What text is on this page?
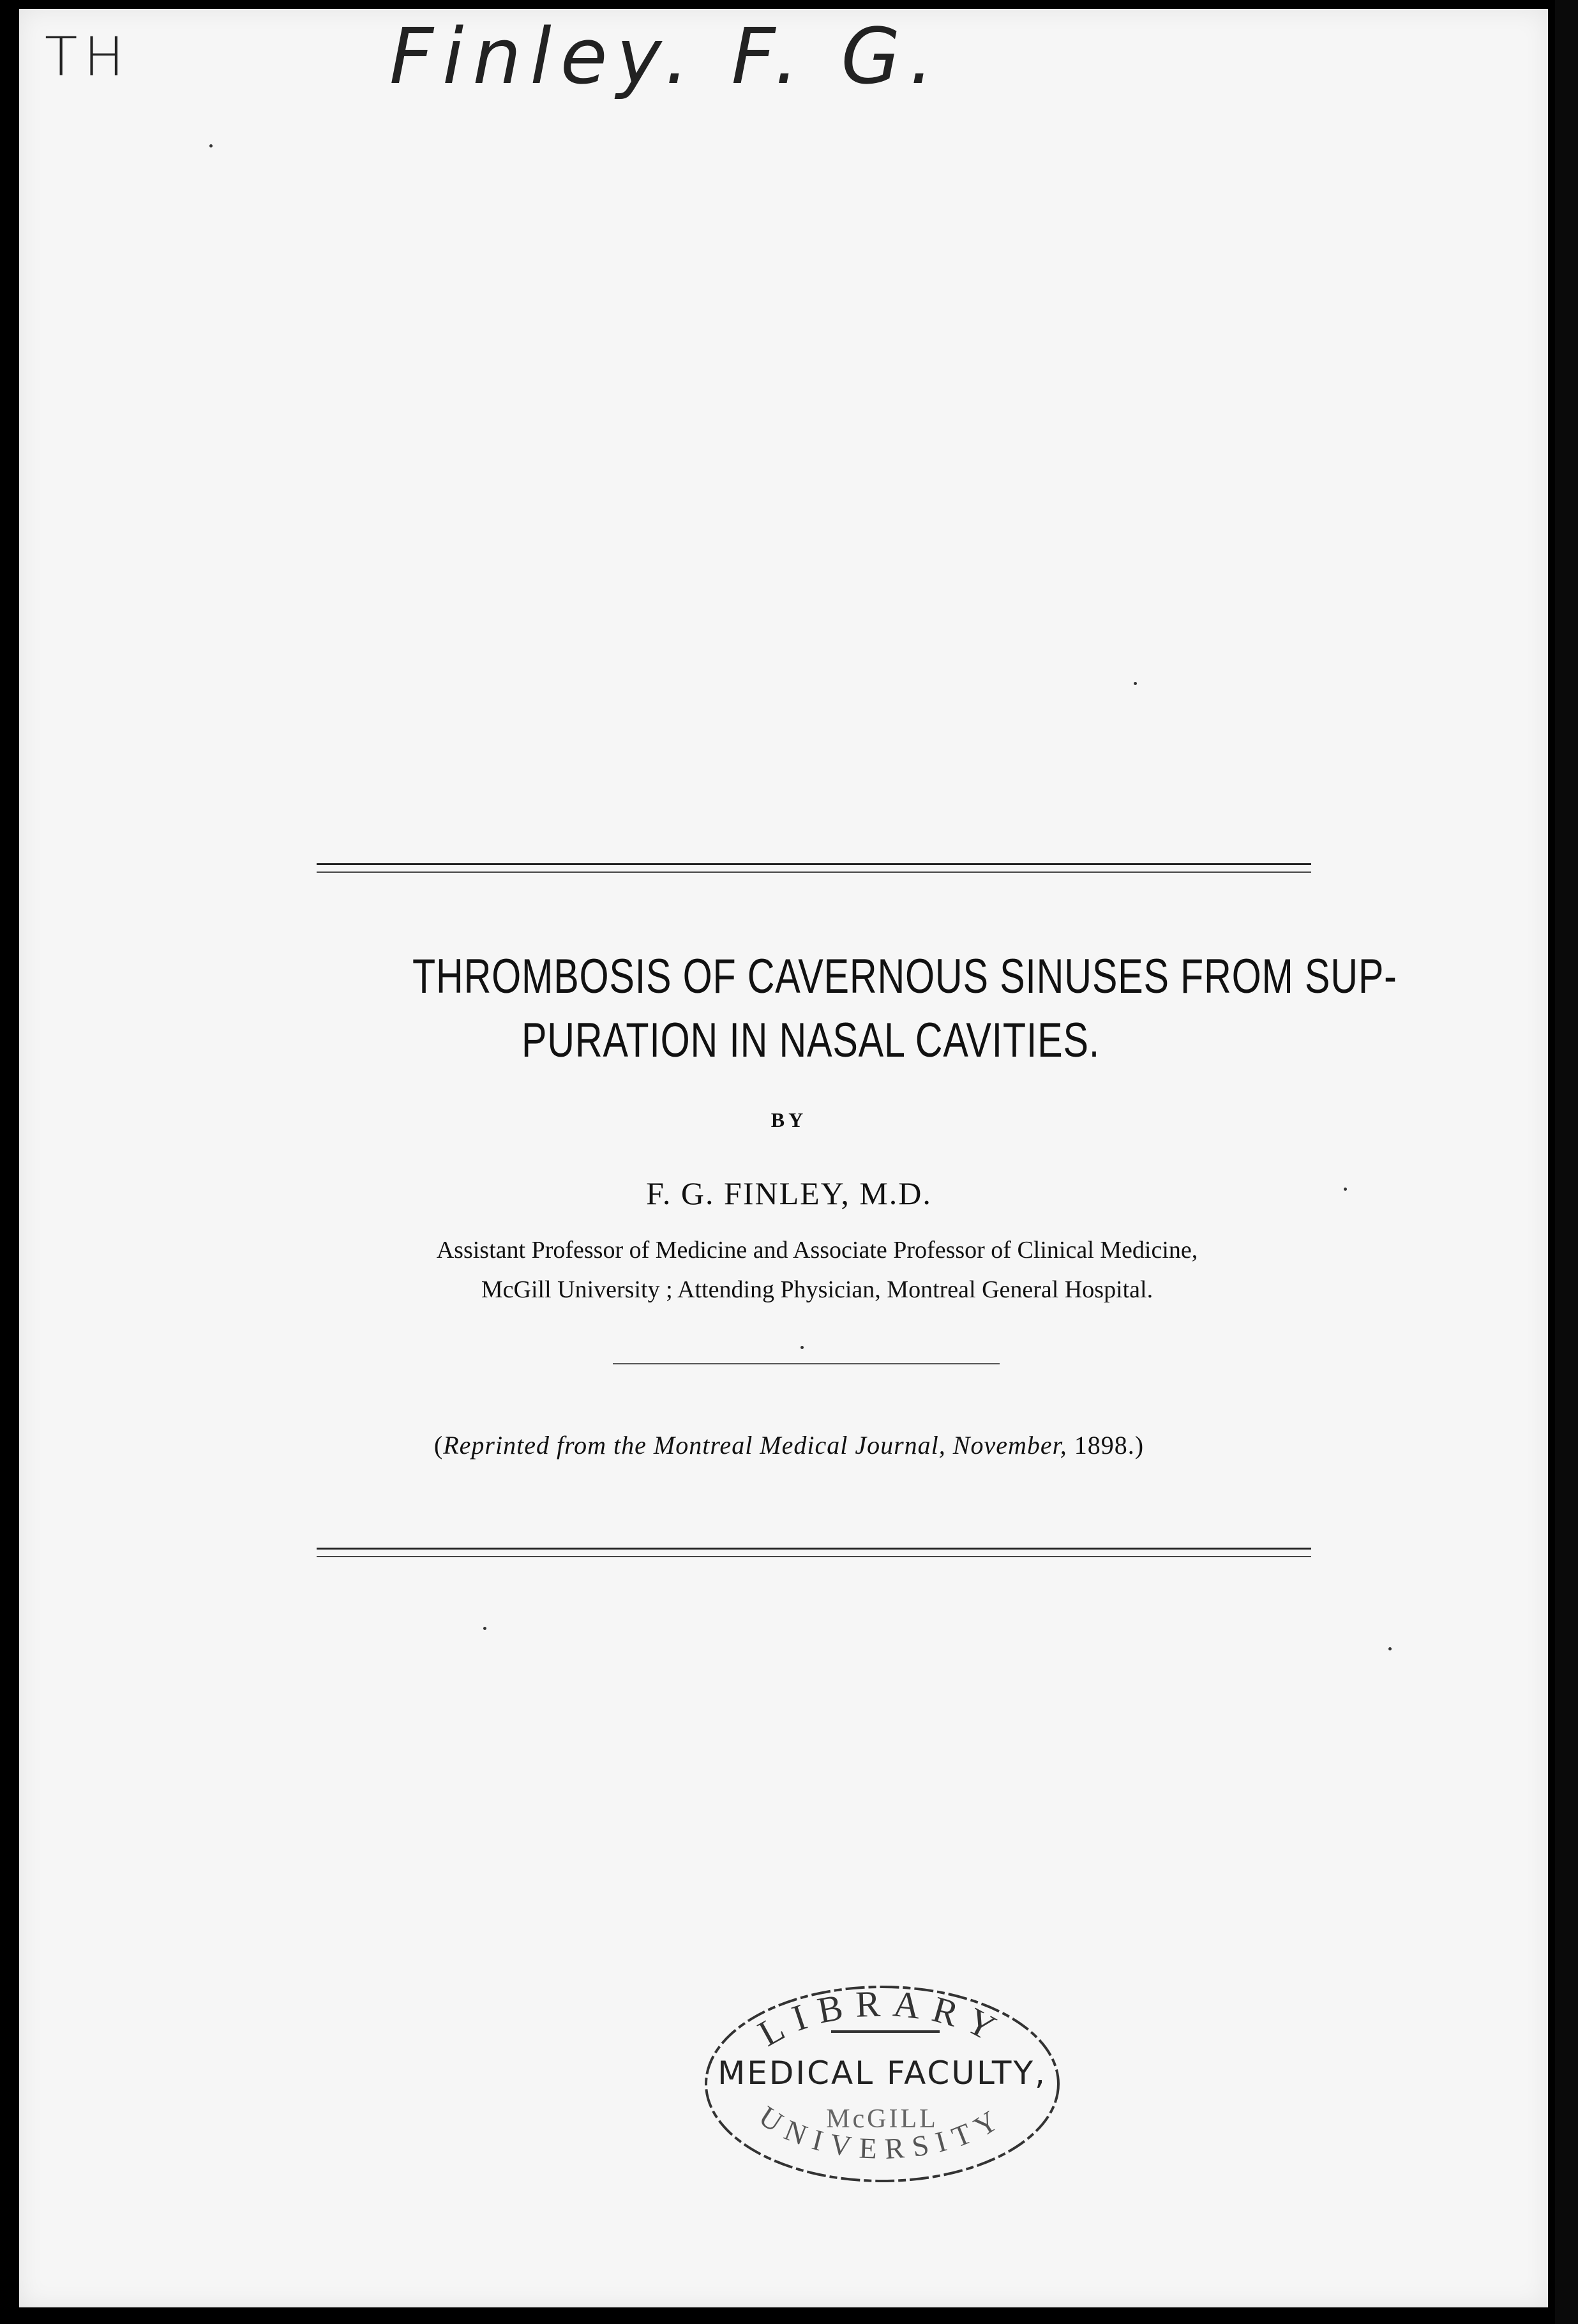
TH	Finley. F. G.
THROMBOSIS OF CAVERNOUS SINUSES FROM SUP-
PURATION IN NASAL CAVITIES.
BY
F. G. FINLEY, M.D.
Assistant Professor of Medicine and Associate Professor of Clinical Medicine,
McGill University ; Attending Physician, Montreal General Hospital.
(Reprinted from the Montreal Medical Journal, November, 1898.)
LIBRARY
MEDICAL FACULTY,
McGILL
UNIVERSITY
